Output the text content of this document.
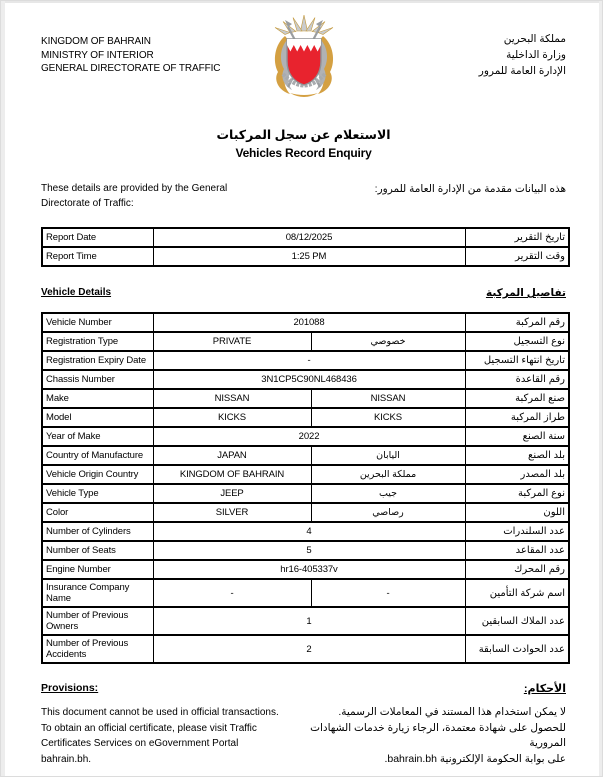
KINGDOM OF BAHRAIN
MINISTRY OF INTERIOR
GENERAL DIRECTORATE OF TRAFFIC
مملكة البحرين
وزارة الداخلية
الإدارة العامة للمرور
الاستعلام عن سجل المركبات
Vehicles Record Enquiry
These details are provided by the General
Directorate of Traffic:
هذه البيانات مقدمة من الإدارة العامة للمرور:
Report Date	08/12/2025	تاريخ التقرير
Report Time	1:25 PM	وقت التقرير
Vehicle Details	تفاصيل المركبة
Vehicle Number	201088		رقم المركبة
Registration Type	PRIVATE	خصوصي	نوع التسجيل
Registration Expiry Date	-		تاريخ انتهاء التسجيل
Chassis Number	3N1CP5C90NL468436		رقم القاعدة
Make	NISSAN	NISSAN	صنع المركبة
Model	KICKS	KICKS	طراز المركبة
Year of Make	2022		سنة الصنع
Country of Manufacture	JAPAN	اليابان	بلد الصنع
Vehicle Origin Country	KINGDOM OF BAHRAIN	مملكة البحرين	بلد المصدر
Vehicle Type	JEEP	جيب	نوع المركبة
Color	SILVER	رصاصي	اللون
Number of Cylinders	4		عدد السلندرات
Number of Seats	5		عدد المقاعد
Engine Number	hr16-405337v		رقم المحرك
Insurance Company Name	-	-	اسم شركة التأمين
Number of Previous Owners	1		عدد الملاك السابقين
Number of Previous Accidents	2		عدد الحوادث السابقة
Provisions:	الأحكام:
This document cannot be used in official transactions.
To obtain an official certificate, please visit Traffic
Certificates Services on eGovernment Portal bahrain.bh.
لا يمكن استخدام هذا المستند في المعاملات الرسمية.
للحصول على شهادة معتمدة، الرجاء زيارة خدمات الشهادات المرورية
على بوابة الحكومة الإلكترونية bahrain.bh.
